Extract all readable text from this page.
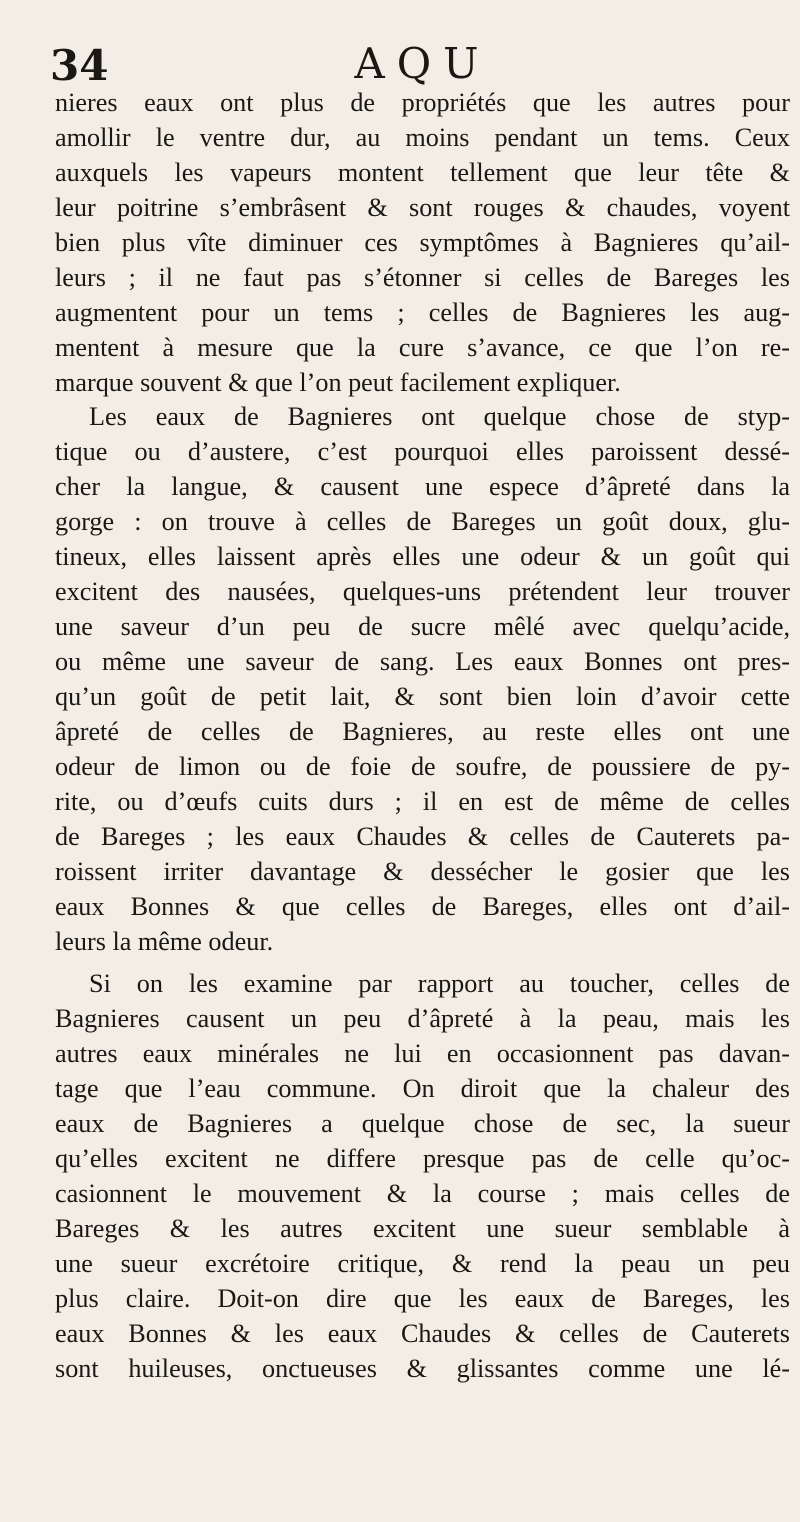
34	AQU
nieres eaux ont plus de propriétés que les autres pour
amollir le ventre dur, au moins pendant un tems. Ceux
auxquels les vapeurs montent tellement que leur tête &
leur poitrine s’embrâsent & sont rouges & chaudes, voyent
bien plus vîte diminuer ces symptômes à Bagnieres qu’ail-
leurs ; il ne faut pas s’étonner si celles de Bareges les
augmentent pour un tems ; celles de Bagnieres les aug-
mentent à mesure que la cure s’avance, ce que l’on re-
marque souvent & que l’on peut facilement expliquer.
Les eaux de Bagnieres ont quelque chose de styp-
tique ou d’austere, c’est pourquoi elles paroissent dessé-
cher la langue, & causent une espece d’âpreté dans la
gorge : on trouve à celles de Bareges un goût doux, glu-
tineux, elles laissent après elles une odeur & un goût qui
excitent des nausées, quelques-uns prétendent leur trouver
une saveur d’un peu de sucre mêlé avec quelqu’acide,
ou même une saveur de sang. Les eaux Bonnes ont pres-
qu’un goût de petit lait, & sont bien loin d’avoir cette
âpreté de celles de Bagnieres, au reste elles ont une
odeur de limon ou de foie de soufre, de poussiere de py-
rite, ou d’œufs cuits durs ; il en est de même de celles
de Bareges ; les eaux Chaudes & celles de Cauterets pa-
roissent irriter davantage & dessécher le gosier que les
eaux Bonnes & que celles de Bareges, elles ont d’ail-
leurs la même odeur.
Si on les examine par rapport au toucher, celles de
Bagnieres causent un peu d’âpreté à la peau, mais les
autres eaux minérales ne lui en occasionnent pas davan-
tage que l’eau commune. On diroit que la chaleur des
eaux de Bagnieres a quelque chose de sec, la sueur
qu’elles excitent ne differe presque pas de celle qu’oc-
casionnent le mouvement & la course ; mais celles de
Bareges & les autres excitent une sueur semblable à
une sueur excrétoire critique, & rend la peau un peu
plus claire. Doit-on dire que les eaux de Bareges, les
eaux Bonnes & les eaux Chaudes & celles de Cauterets
sont huileuses, onctueuses & glissantes comme une lé-
